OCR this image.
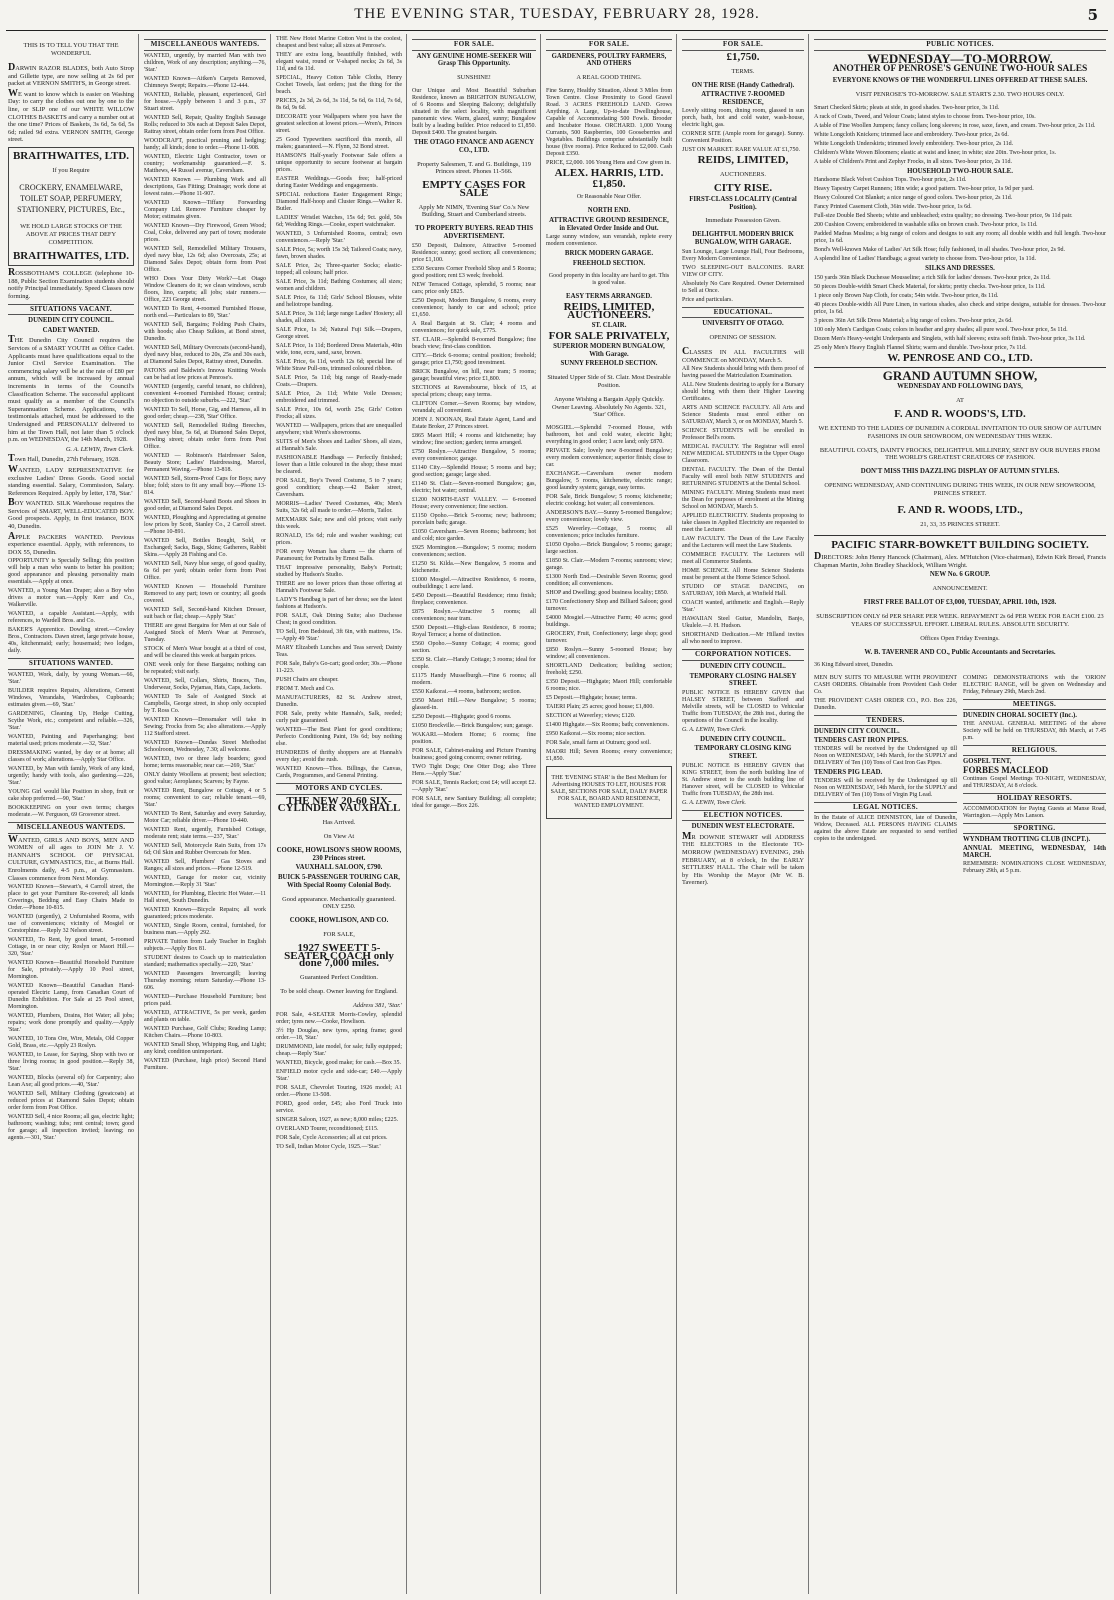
THE EVENING STAR, TUESDAY, FEBRUARY 28, 1928.	5

THIS IS TO TELL YOU THAT THE WONDERFUL

DARWIN RAZOR BLADES, both Auto Strop and Gillette type, are now selling at 2s 6d per packet at VERNON SMITH'S, in George street.

WE want to know which is easier on Washing Day: to carry the clothes out one by one to the line, or SLIP one of our WHITE WILLOW CLOTHES BASKETS and carry a number out at the one time? Prices of Baskets, 3s 6d, 5s 6d, 5s 6d; railed 9d extra. VERNON SMITH, George street.

BRAITHWAITES, LTD.

If you Require

CROCKERY, ENAMELWARE, TOILET SOAP, PERFUMERY, STATIONERY, PICTURES, Etc.,

WE HOLD LARGE STOCKS OF THE ABOVE AT PRICES THAT DEFY COMPETITION.

BRAITHWAITES, LTD.

ROSSBOTHAM'S COLLEGE (telephone 10-188, Public Section Examination students should notify Principal immediately. Speed Classes now forming.

SITUATIONS VACANT.

DUNEDIN CITY COUNCIL.

CADET WANTED.

THE Dunedin City Council requires the Services of a SMART YOUTH as Office Cadet. Applicants must have qualifications equal to the Junior Civil Service Examination. The commencing salary will be at the rate of £80 per annum, which will be increased by annual increments in terms of the Council's Classification Scheme. The successful applicant must qualify as a member of the Council's Superannuation Scheme. Applications, with testimonials attached, must be addressed to the Undersigned and PERSONALLY delivered to him at the Town Hall, not later than 5 o'clock p.m. on WEDNESDAY, the 14th March, 1928.

G. A. LEWIN, Town Clerk.

Town Hall, Dunedin, 27th February, 1928.

WANTED, LADY REPRESENTATIVE for exclusive Ladies' Dress Goods. Good social standing essential. Salary, Commission, Salary. References Required. Apply by letter, 178, 'Star.'

BOY WANTED. SILK Warehouse requires the Services of SMART, WELL-EDUCATED BOY. Good prospects. Apply, in first instance, BOX 40, Dunedin.

APPLE PACKERS WANTED. Previous experience essential. Apply, with references, to DOX 55, Dunedin.

OPPORTUNITY is Specially Selling; this position will help a man who wants to better his position; good appearance and pleasing personality main essentials.—Apply at once.

WANTED, a Young Man Draper; also a Boy who drives a motor van.—Apply Kerr and Co., Walkerville.

WANTED, a capable Assistant.—Apply, with references, to Wardell Bros. and Co.

BAKER'S Apprentice. Dowling street.—Cowley Bros., Contractors. Dawn street, large private house, 40s, kitchenmaid; early; housemaid; two lodges, daily.

SITUATIONS WANTED.

WANTED, Work, daily, by young Woman.—66, 'Star.'

BUILDER requires Repairs, Alterations, Cement Windows, Verandahs, Wardrobes, Cupboards; estimates given.—69, 'Star.'

GARDENING, Cleaning Up, Hedge Cutting, Scythe Work, etc.; competent and reliable.—326, 'Star.'

WANTED, Painting and Paperhanging; best material used; prices moderate.—32, 'Star.'

DRESSMAKING wanted, by day or at home; all classes of work; alterations.—Apply Star Office.

WANTED, by Man with family, Work of any kind, urgently; handy with tools, also gardening.—226, 'Star.'

YOUNG Girl would like Position in shop, fruit or cake shop preferred.—90, 'Star.'

BOOKKEEPING on your own terms; charges moderate.—W. Ferguson, 69 Grosvenor street.

MISCELLANEOUS WANTEDS.

WANTED, GIRLS AND BOYS, MEN AND WOMEN of all ages to JOIN Mr J. V. HANNAH'S SCHOOL OF PHYSICAL CULTURE, GYMNASTICS, Etc., at Burns Hall. Enrolments daily, 4-5 p.m., at Gymnasium. Classes commence from Next Monday.

WANTED Known—Stewart's, 4 Carroll street, the place to get your Furniture Re-covered; all kinds Coverings, Bedding and Easy Chairs Made to Order.—Phone 10-815.

WANTED (urgently), 2 Unfurnished Rooms, with use of conveniences; vicinity of Mosgiel or Corstorphine.—Reply 32 Nelson street.

WANTED, To Rent, by good tenant, 5-roomed Cottage, in or near city; Roslyn or Maori Hill.—320, 'Star.'

WANTED Known—Beautiful Horsehold Furniture for Sale, privately.—Apply 10 Pool street, Mornington.

WANTED Known—Beautiful Canadian Hand-operated Electric Lamp, from Canadian Court of Dunedin Exhibition. For Sale at 25 Pool street, Mornington.

WANTED, Plumbers, Drains, Hot Water; all jobs; repairs; work done promptly and quality.—Apply 'Star.'

WANTED, 10 Tons Ore, Wire, Metals, Old Copper Gold, Brass, etc.—Apply 23 Roslyn.

WANTED, to Lease, for Saying, Shop with two or three living rooms; in good position.—Reply 38, 'Star.'

WANTED, Blocks (several of) for Carpentry; also Lean Axe; all good prices.—40, 'Star.'

WANTED Sell, Military Clothing (greatcoats) at reduced prices at Diamond Sales Depot; obtain order form from Post Office.

WANTED Sell, 4 nice Rooms; all gas, electric light; bathroom; washing; tubs; rent central; town; good for garage; all inspection invited; leaving; no agents.—301, 'Star.'

MISCELLANEOUS WANTEDS.

WANTED, urgently, by married Man with two children, Work of any description; anything.—76, 'Star.'

WANTED Known—Aitken's Carpets Removed, Chimneys Swept; Repairs.—Phone 12-444.

WANTED, Reliable, pleasant, experienced, Girl for house.—Apply between 1 and 3 p.m., 37 Stuart street.

WANTED Sell, Repair, Quality English Sausage Rolls; reduced to 30s each at Deposit Sales Depot, Rattray street, obtain order form from Post Office.

WOODCRAFT, practical pruning and hedging; handy; all kinds; done to order.—Phone 11-908.

WANTED, Electric Light Contractor, town or country; workmanship guaranteed.—F. S. Matthews, 44 Russel avenue, Caversham.

WANTED Known — Plumbing Work and all descriptions, Gas Fitting; Drainage; work done at lowest rates.—Phone 11-907.

WANTED Known—Tiffany Forwarding Company Ltd. Remove Furniture cheaper by Motor; estimates given.

WANTED Known—Dry Firewood, Green Wood; Coal, Coke, delivered any part of town; moderate prices.

WANTED Sell, Remodelled Military Trousers, dyed navy blue, 12s 6d; also Overcoats, 25s; at Diamond Sales Depot; obtain form from Post Office.

WHO Does Your Dirty Work?—Let Otago Window Cleaners do it; we clean windows, scrub floors, lino, carpets; all jobs; stair runners.—Office, 223 George street.

WANTED To Rent, 4-roomed Furnished House, north end.—Particulars to 89, 'Star.'

WANTED Sell, Bargains; Folding Push Chairs, with hoods; also Cheap Sulkies, at Bond street, Dunedin.

WANTED Sell, Military Overcoats (second-hand), dyed navy blue, reduced to 20s, 25s and 30s each, at Diamond Sales Depot, Rattray street, Dunedin.

PATONS and Baldwin's Innova Knitting Wools can be had at low prices at Penrose's.

WANTED (urgently, careful tenant, no children), convenient 4-roomed Furnished House; central; no objection to outside suburbs.—222, 'Star.'

WANTED To Sell, Horse, Gig, and Harness, all in good order; cheap.—238, 'Star' Office.

WANTED Sell, Remodelled Riding Breeches, dyed navy blue, 5s 6d, at Diamond Sales Depot, Dowling street; obtain order form from Post Office.

WANTED — Robinson's Hairdresser Salon, Beauty Store; Ladies' Hairdressing, Marcel, Permanent Waving.—Phone 13-818.

WANTED Sell, Storm-Proof Caps for Boys; navy blue; fold; sizes to fit any small boy.—Phone 13-814.

WANTED Sell, Second-hand Boots and Shoes in good order, at Diamond Sales Depot.

WANTED, Ploughing and Appreciating at genuine low prices by Scott, Stanley Co., 2 Carroll street.—Phone 10-891.

WANTED Sell, Bottles Bought, Sold, or Exchanged; Sacks, Bags, Skins; Gatherers, Rabbit Skins.—Apply 28 Fishing and Co.

WANTED Sell, Navy blue serge, of good quality, 6s 6d per yard; obtain order form from Post Office.

WANTED Known — Household Furniture Removed to any part; town or country; all goods covered.

WANTED Sell, Second-hand Kitchen Dresser, suit bach or flat; cheap.—Apply 'Star.'

THERE are great Bargains for Men at our Sale of Assigned Stock of Men's Wear at Penrose's, Tuesday.

STOCK of Men's Wear bought at a third of cost, and will be cleared this week at bargain prices.

ONE week only for these Bargains; nothing can be repeated; visit early.

WANTED, Sell, Collars, Shirts, Braces, Ties, Underwear, Socks, Pyjamas, Hats, Caps, Jackets.

WANTED To Sale of Assigned Stock at Campbells, George street, in shop only occupied by T. Ross Co.

WANTED Known—Dressmaker will take in Sewing; Frocks from 5s; also alterations.—Apply 112 Stafford street.

WANTED Known—Dundas Street Methodist Schoolroom, Wednesday, 7.30; all welcome.

WANTED, two or three lady boarders; good home; terms reasonable; near car.—269, 'Star.'

ONLY dainty Woollens at present; best selection; good value; Aeroplanes; Scarves; by Fayne.

WANTED Rent, Bungalow or Cottage, 4 or 5 rooms; convenient to car; reliable tenant.—69, 'Star.'

WANTED To Rent, Saturday and every Saturday, Motor Car; reliable driver.—Phone 10-440.

WANTED Rent, urgently, Furnished Cottage, moderate rent; state terms.—237, 'Star.'

WANTED Sell, Motorcycle Rain Suits, from 17s 6d; Oil Skin and Rubber Overcoats for Men.

WANTED Sell, Plumbers' Gas Stoves and Ranges; all sizes and prices.—Phone 12-519.

WANTED, Garage for motor car, vicinity Mornington.—Reply 31 'Star.'

WANTED, for Plumbing, Electric Hot Water.—11 Hall street, South Dunedin.

WANTED Known—Bicycle Repairs; all work guaranteed; prices moderate.

WANTED, Single Room, central, furnished, for business man.—Apply 292.

PRIVATE Tuition from Lady Teacher in English subjects.—Apply Box 81.

STUDENT desires to Coach up to matriculation standard; mathematics specially.—220, 'Star.'

WANTED Passengers Invercargill; leaving Thursday morning; return Saturday.—Phone 13-606.

WANTED—Purchase Household Furniture; best prices paid.

WANTED, ATTRACTIVE, 5s per week, garden and plants on table.

WANTED Purchase, Golf Clubs; Reading Lamp; Kitchen Chairs.—Phone 10-803.

WANTED Small Shop, Whipping Rug, and Light; any kind; condition unimportant.

WANTED (Purchase, high price) Second Hand Furniture.

THE New Hotel Marine Cotton Vest is the coolest, cheapest and best value; all sizes at Penrose's.

THEY are extra long, beautifully finished, with elegant waist, round or V-shaped necks; 2s 6d, 3s 11d, and 6s 11d.

SPECIAL, Heavy Cotton Table Cloths, Henry Cochet Towels, last orders; just the thing for the beach.

PRICES, 2s 3d, 2s 6d, 3s 11d, 5s 6d, 6s 11d, 7s 6d, 8s 6d, 9s 6d.

DECORATE your Wallpapers where you have the greatest selection at lowest prices.—Wren's, Princes street.

25 Good Typewriters sacrificed this month, all makes; guaranteed.—N. Flynn, 32 Bond street.

HAMSON'S Half-yearly Footwear Sale offers a unique opportunity to secure footwear at bargain prices.

EASTER Weddings.—Goods free; half-priced during Easter Weddings and engagements.

SPECIAL reductions Easter Engagement Rings; Diamond Half-hoop and Cluster Rings.—Walter R. Butler.

LADIES' Wristlet Watches, 15s 6d; 9ct. gold, 50s 6d; Wedding Rings.—Cooke, expert watchmaker.

WANTED, 3 Unfurnished Rooms, central; own conveniences.—Reply 'Star.'

SALE Price, 5s; worth 15s 3d; Tailored Coats; navy, fawn, brown shades.

SALE Price, 2s; Three-quarter Socks; elastic-topped; all colours; half price.

SALE Price, 3s 11d; Bathing Costumes; all sizes; women and children.

SALE Price, 6s 11d; Girls' School Blouses, white and heliotrope banding.

SALE Price, 3s 11d; large range Ladies' Hosiery; all shades, all sizes.

SALE Price, 1s 3d; Natural Fuji Silk.—Drapers, George street.

SALE Price, 1s 11d; Bordered Dress Materials, 40in wide, tone, ecru, sand, saxe, brown.

SALE Price, 6s 11d, worth 12s 6d; special line of White Straw Pull-ons, trimmed coloured ribbon.

SALE Price, 5s 11d; big range of Ready-made Coats.—Drapers.

SALE Price, 2s 11d; White Voile Dresses; embroidered and trimmed.

SALE Price, 10s 6d, worth 25s; Girls' Cotton Frocks; all sizes.

WANTED — Wallpapers, prices that are unequalled anywhere; visit Wren's showrooms.

SUITS of Men's Shoes and Ladies' Shoes, all sizes, at Hannah's Sale.

FASHIONABLE Handbags — Perfectly finished; lower than a little coloured in the shop; these must be cleared.

FOR SALE, Boy's Tweed Costume, 5 to 7 years; good condition; cheap.—42 Baker street, Caversham.

MORRIS—Ladies' Tweed Costumes, 40s; Men's Suits, 32s 6d; all made to order.—Morris, Tailor.

MEXMARK Sale; new and old prices; visit early this week.

RONALD, 15s 6d; rule and washer washing; cut prices.

FOR every Woman has charm — the charm of Paramount; for Portraits by Ernest Balls.

THAT impressive personality, Baby's Portrait; studied by Hudson's Studio.

THERE are no lower prices than those offering at Hannah's Footwear Sale.

LADY'S Handbag is part of her dress; see the latest fashions at Hudson's.

FOR SALE, Oak Dining Suite; also Duchesse Chest; in good condition.

TO Sell, Iron Bedstead, 3ft 6in, with mattress, 15s.—Apply 49 'Star.'

MARY Elizabeth Lunches and Teas served; Dainty Teas.

FOR Sale, Baby's Go-cart; good order; 30s.—Phone 11-223.

PUSH Chairs are cheaper.

FROM T. Mech and Co.

MANUFACTURERS, 82 St. Andrew street, Dunedin.

FOR Sale, pretty white Hannah's, Salk, reeded; curly pair guaranteed.

WANTED—The Best Plant for good conditions; Perfecto Conditioning Paint, 19s 6d; buy nothing else.

HUNDREDS of thrifty shoppers are at Hannah's every day; avoid the rush.

WANTED Known—Thos. Billings, the Canvas, Cards, Programmes, and General Printing.

MOTORS AND CYCLES.

THE NEW 20-60 SIX-CYLINDER VAUXHALL

Has Arrived.

On View At

COOKE, HOWLISON'S SHOW ROOMS, 230 Princes street.

VAUXHALL SALOON, £790.

BUICK 5-PASSENGER TOURING CAR, With Special Roomy Colonial Body.

Good appearance. Mechanically guaranteed. ONLY £250.

COOKE, HOWLISON, AND CO.

FOR SALE,

1927 SWEETT 5-SEATER COACH only done 7,000 miles.

Guaranteed Perfect Condition.

To be sold cheap. Owner leaving for England.

Address 381, 'Star.'

FOR Sale, 4-SEATER Morris-Cowley, splendid order; tyres new.—Cooke, Howlison.

3½ Hp Douglas, new tyres, spring frame; good order.—18, 'Star.'

DRUMMOND, late model, for sale; fully equipped; cheap.—Reply 'Star.'

WANTED, Bicycle, good make; for cash.—Box 35.

ENFIELD motor cycle and side-car; £40.—Apply 'Star.'

FOR SALE, Chevrolet Touring, 1926 model; A1 order.—Phone 13-508.

FORD, good order, £45; also Ford Truck into service.

SINGER Saloon, 1927, as new; 8,000 miles; £225.

OVERLAND Tourer, reconditioned; £115.

FOR Sale, Cycle Accessories; all at cut prices.

TO Sell, Indian Motor Cycle, 1925.—'Star.'

FOR SALE.

ANY GENUINE HOME-SEEKER Will Grasp This Opportunity.

SUNSHINE!

Our Unique and Most Beautiful Suburban Residence, known as BRIGHTON BUNGALOW, of 6 Rooms and Sleeping Balcony; delightfully situated in the select locality, with magnificent panoramic view. Warm, glazed, sunny; Bungalow built by a leading builder. Price reduced to £1,850. Deposit £400. The greatest bargain.

THE OTAGO FINANCE AND AGENCY CO., LTD.

Property Salesmen, T. and G. Buildings, 119 Princes street. Phones 11-566.

EMPTY CASES FOR SALE

Apply Mr NIMN, 'Evening Star' Co.'s New Building, Stuart and Cumberland streets.

TO PROPERTY BUYERS. READ THIS ADVERTISEMENT.

£50 Deposit, Dalmore, Attractive 5-roomed Residence; sunny; good section; all conveniences; price £1,100.

£350 Secures Corner Freehold Shop and 5 Rooms; good position; rent £3 week; freehold.

NEW Terraced Cottage, splendid, 5 rooms; near cars; price only £825.

£250 Deposit, Modern Bungalow, 6 rooms, every convenience; handy to car and school; price £1,650.

A Real Bargain at St. Clair; 4 rooms and conveniences; for quick sale, £775.

ST. CLAIR.—Splendid 8-roomed Bungalow; fine beach view; first-class condition.

CITY.—Brick 6-rooms; central position; freehold; garage; price £1,750; good investment.

BRICK Bungalow, on hill, near tram; 5 rooms; garage; beautiful view; price £1,800.

SECTIONS at Ravensbourne, block of 15, at special prices; cheap; easy terms.

CLIFTON Corner.—Seven Rooms; bay window, verandah; all convenient.

JOHN J. NOONAN, Real Estate Agent, Land and Estate Broker, 27 Princes street.

£865 Maori Hill; 4 rooms and kitchenette; bay window; fine section; garden; terms arranged.

£750 Roslyn.—Attractive Bungalow, 5 rooms; every convenience; garage.

£1140 City.—Splendid House; 5 rooms and bay; good section; garage; large shed.

£1140 St. Clair.—Seven-roomed Bungalow; gas, electric; hot water; central.

£1200 NORTH-EAST VALLEY. — 6-roomed House; every convenience; fine section.

£1150 Opoho.—Brick 5-rooms; new; bathroom; porcelain bath; garage.

£1050 Caversham.—Seven Rooms; bathroom; hot and cold; nice garden.

£925 Mornington.—Bungalow; 5 rooms; modern conveniences; section.

£1250 St. Kilda.—New Bungalow, 5 rooms and kitchenette.

£1000 Mosgiel.—Attractive Residence, 6 rooms, outbuildings; 1 acre land.

£450 Deposit.—Beautiful Residence; rimu finish; fireplace; convenience.

£875 Roslyn.—Attractive 5 rooms; all conveniences; near tram.

£500 Deposit.—High-class Residence, 8 rooms; Royal Terrace; a home of distinction.

£560 Opoho.—Sunny Cottage; 4 rooms; good section.

£350 St. Clair.—Handy Cottage; 3 rooms; ideal for couple.

£1175 Handy Musselburgh.—Fine 6 rooms; all modern.

£550 Kaikorai.—4 rooms, bathroom; section.

£950 Maori Hill.—New Bungalow; 5 rooms; glassed-in.

£250 Deposit.—Highgate; good 6 rooms.

£1050 Brockville.—Brick Bungalow; sun; garage.

WAKARI.—Modern Home; 6 rooms; fine position.

FOR SALE, Cabinet-making and Picture Framing business; good going concern; owner retiring.

TWO Tight Dogs; One Otter Dog; also Three Hens.—Apply 'Star.'

FOR SALE, Tennis Racket; cost £4; will accept £2.—Apply 'Star.'

FOR SALE, new Sanitary Building; all complete; ideal for garage.—Box 226.

FOR SALE.

GARDENERS, POULTRY FARMERS, AND OTHERS

A REAL GOOD THING.

Fine Sunny, Healthy Situation, About 3 Miles from Town Centre. Close Proximity to Good Gravel Road. 3 ACRES FREEHOLD LAND. Grows Anything. A Large, Up-to-date Dwellinghouse, Capable of Accommodating 500 Fowls. Brooder and Incubator House. ORCHARD. 1,000 Young Currants, 500 Raspberries, 100 Gooseberries and Vegetables. Buildings comprise substantially built house (five rooms). Price Reduced to £2,000. Cash Deposit £350.

PRICE, £2,000. 106 Young Hens and Cow given in.

ALEX. HARRIS, LTD.

£1,850.

Or Reasonable Near Offer.

NORTH END.

ATTRACTIVE GROUND RESIDENCE, in Elevated Order Inside and Out.

Large sunny window, sun verandah, replete every modern convenience.

BRICK MODERN GARAGE.

FREEHOLD SECTION.

Good property in this locality are hard to get. This is good value.

EASY TERMS ARRANGED.

REIDS, LIMITED, AUCTIONEERS.

ST. CLAIR.

FOR SALE PRIVATELY,

SUPERIOR MODERN BUNGALOW, With Garage.

SUNNY FREEHOLD SECTION.

Situated Upper Side of St. Clair. Most Desirable Position.

Anyone Wishing a Bargain Apply Quickly. Owner Leaving. Absolutely No Agents. 321, 'Star' Office.

MOSGIEL.—Splendid 7-roomed House, with bathroom, hot and cold water, electric light; everything in good order; 1 acre land; only £870.

PRIVATE Sale; lovely new 8-roomed Bungalow; every modern convenience; superior finish; close to car.

EXCHANGE.—Caversham owner modern Bungalow, 5 rooms, kitchenette, electric range; good laundry system; garage, easy terms.

FOR Sale, Brick Bungalow; 5 rooms; kitchenette; electric cooking; hot water; all conveniences.

ANDERSON'S BAY.—Sunny 5-roomed Bungalow; every convenience; lovely view.

£525 Waverley.—Cottage, 5 rooms; all conveniences; price includes furniture.

£1050 Opoho.—Brick Bungalow; 5 rooms; garage; large section.

£1850 St. Clair.—Modern 7-rooms; sunroom; view; garage.

£1300 North End.—Desirable Seven Rooms; good condition; all conveniences.

SHOP and Dwelling; good business locality; £850.

£170 Confectionery Shop and Billiard Saloon; good turnover.

£4000 Mosgiel.—Attractive Farm; 40 acres; good buildings.

GROCERY, Fruit, Confectionery; large shop; good turnover.

£850 Roslyn.—Sunny 5-roomed House; bay window; all conveniences.

SHORTLAND Dedication; building section; freehold; £250.

£350 Deposit.—Highgate; Maori Hill; comfortable 6 rooms; nice.

£5 Deposit.—Highgate; house; terms.

TAIERI Plain; 25 acres; good house; £1,800.

SECTION at Waverley; views; £120.

£1400 Highgate.—Six Rooms; bath; conveniences.

£950 Kaikorai.—Six rooms; nice section.

FOR Sale, small farm at Outram; good soil.

MAORI Hill; Seven Rooms; every convenience; £1,850.

THE 'EVENING STAR' is the Best Medium for Advertising HOUSES TO LET, HOUSES FOR SALE, SECTIONS FOR SALE, DAILY PAPER FOR SALE, BOARD AND RESIDENCE, WANTED EMPLOYMENT.

FOR SALE.

£1,750.

TERMS.

ON THE RISE (Handy Cathedral).

ATTRACTIVE 7-ROOMED RESIDENCE,

Lovely sitting room, dining room, glassed in sun porch, bath, hot and cold water, wash-house, electric light, gas.

CORNER SITE (Ample room for garage). Sunny. Convenient Position.

JUST ON MARKET. RARE VALUE AT £1,750.

REIDS, LIMITED,

AUCTIONEERS.

CITY RISE.

FIRST-CLASS LOCALITY (Central Position).

Immediate Possession Given.

DELIGHTFUL MODERN BRICK BUNGALOW, WITH GARAGE.

Sun Lounge, Large Lounge Hall, Four Bedrooms, Every Modern Convenience.

TWO SLEEPING-OUT BALCONIES. RARE VIEW OF CITY.

Absolutely No Care Required. Owner Determined to Sell at Once.

Price and particulars.

EDUCATIONAL.

UNIVERSITY OF OTAGO.

OPENING OF SESSION.

CLASSES IN ALL FACULTIES will COMMENCE on MONDAY, March 5.

All New Students should bring with them proof of having passed the Matriculation Examination.

ALL New Students desiring to apply for a Bursary should bring with them their Higher Leaving Certificates.

ARTS AND SCIENCE FACULTY. All Arts and Science Students must enrol either on SATURDAY, March 3, or on MONDAY, March 5.

SCIENCE STUDENTS will be enrolled in Professor Bell's room.

MEDICAL FACULTY. The Registrar will enrol NEW MEDICAL STUDENTS in the Upper Otago Classroom.

DENTAL FACULTY. The Dean of the Dental Faculty will enrol both NEW STUDENTS and RETURNING STUDENTS at the Dental School.

MINING FACULTY. Mining Students must meet the Dean for purposes of enrolment at the Mining School on MONDAY, March 5.

APPLIED ELECTRICITY. Students proposing to take classes in Applied Electricity are requested to meet the Lecturer.

LAW FACULTY. The Dean of the Law Faculty and the Lecturers will meet the Law Students.

COMMERCE FACULTY. The Lecturers will meet all Commerce Students.

HOME SCIENCE. All Home Science Students must be present at the Home Science School.

STUDIO OF STAGE DANCING, on SATURDAY, 10th March, at Winfield Hall.

COACH wanted, arithmetic and English.—Reply 'Star.'

HAWAIIAN Steel Guitar, Mandolin, Banjo, Ukulele.—J. H. Hudson.

SHORTHAND Dedication.—Mr Hilland invites all who need to improve.

CORPORATION NOTICES.

DUNEDIN CITY COUNCIL.

TEMPORARY CLOSING HALSEY STREET.

PUBLIC NOTICE IS HEREBY GIVEN that HALSEY STREET, between Stafford and Melville streets, will be CLOSED to Vehicular Traffic from TUESDAY, the 28th inst., during the operations of the Council in the locality.

G. A. LEWIN, Town Clerk.

DUNEDIN CITY COUNCIL.

TEMPORARY CLOSING KING STREET.

PUBLIC NOTICE IS HEREBY GIVEN that KING STREET, from the north building line of St. Andrew street to the south building line of Hanover street, will be CLOSED to Vehicular Traffic from TUESDAY, the 28th inst.

G. A. LEWIN, Town Clerk.

ELECTION NOTICES.

DUNEDIN WEST ELECTORATE.

MR DOWNIE STEWART will ADDRESS THE ELECTORS in the Electorate TO-MORROW (WEDNESDAY) EVENING, 29th FEBRUARY, at 8 o'clock, In the EARLY SETTLERS' HALL. The Chair will be taken by His Worship the Mayor (Mr W. B. Taverner).

PUBLIC NOTICES.

WEDNESDAY—TO-MORROW.

ANOTHER OF PENROSE'S GENUINE TWO-HOUR SALES

EVERYONE KNOWS OF THE WONDERFUL LINES OFFERED AT THESE SALES.

VISIT PENROSE'S TO-MORROW. SALE STARTS 2.30. TWO HOURS ONLY.

Smart Checked Skirts; pleats at side, in good shades. Two-hour price, 3s 11d.

A rack of Coats, Tweed, and Velour Coats; latest styles to choose from. Two-hour price, 10s.

A table of Fine Woollen Jumpers; fancy collars; long sleeves; in rose, saxe, fawn, and cream. Two-hour price, 2s 11d.

White Longcloth Knickers; trimmed lace and embroidery. Two-hour price, 2s 6d.

White Longcloth Underskirts; trimmed lovely embroidery. Two-hour price, 2s 11d.

Children's White Woven Bloomers; elastic at waist and knee; in white; size 20in. Two-hour price, 1s.

A table of Children's Print and Zephyr Frocks, in all sizes. Two-hour price, 2s 11d.

HOUSEHOLD TWO-HOUR SALE.

Handsome Black Velvet Cushion Tops. Two-hour price, 2s 11d.

Heavy Tapestry Carpet Runners; 18in wide; a good pattern. Two-hour price, 1s 9d per yard.

Heavy Coloured Cot Blanket; a nice range of good colors. Two-hour price, 2s 11d.

Fancy Printed Casement Cloth, 36in wide. Two-hour price, 1s 6d.

Full-size Double Bed Sheets; white and unbleached; extra quality; no dressing. Two-hour price, 9s 11d pair.

200 Cushion Covers; embroidered in washable silks on brown crash. Two-hour price, 1s 11d.

Padded Madras Muslins; a big range of colors and designs to suit any room; all double width and full length. Two-hour price, 1s 6d.

Bond's Well-known Make of Ladies' Art Silk Hose; fully fashioned, in all shades. Two-hour price, 2s 9d.

A splendid line of Ladies' Handbags; a great variety to choose from. Two-hour price, 1s 11d.

SILKS AND DRESSES.

150 yards 36in Black Duchesse Mousseline; a rich Silk for ladies' dresses. Two-hour price, 2s 11d.

50 pieces Double-width Smart Check Material, for skirts; pretty checks. Two-hour price, 1s 11d.

1 piece only Brown Nap Cloth, for coats; 54in wide. Two-hour price, 8s 11d.

40 pieces Double-width All Pure Linen, in various shades, also check and stripe designs, suitable for dresses. Two-hour price, 1s 6d.

3 pieces 36in Art Silk Dress Material; a big range of colors. Two-hour price, 2s 6d.

100 only Men's Cardigan Coats; colors in heather and grey shades; all pure wool. Two-hour price, 5s 11d.

Dozen Men's Heavy-weight Underpants and Singlets, with half sleeves; extra soft finish. Two-hour price, 3s 11d.

25 only Men's Heavy English Flannel Shirts; warm and durable. Two-hour price, 7s 11d.

W. PENROSE AND CO., LTD.

GRAND AUTUMN SHOW,

WEDNESDAY AND FOLLOWING DAYS,

AT

F. AND R. WOODS'S, LTD.

WE EXTEND TO THE LADIES OF DUNEDIN A CORDIAL INVITATION TO OUR SHOW OF AUTUMN FASHIONS IN OUR SHOWROOM, ON WEDNESDAY THIS WEEK.

BEAUTIFUL COATS, DAINTY FROCKS, DELIGHTFUL MILLINERY, SENT BY OUR BUYERS FROM THE WORLD'S GREATEST CREATORS OF FASHION.

DON'T MISS THIS DAZZLING DISPLAY OF AUTUMN STYLES.

OPENING WEDNESDAY, AND CONTINUING DURING THIS WEEK, IN OUR NEW SHOWROOM, PRINCES STREET.

F. AND R. WOODS, LTD.,

21, 33, 35 PRINCES STREET.

PACIFIC STARR-BOWKETT BUILDING SOCIETY.

DIRECTORS: John Henry Hancock (Chairman), Alex. M'Hutchon (Vice-chairman), Edwin Kirk Broad, Francis Chapman Martin, John Bradley Shacklock, William Wright.

NEW No. 6 GROUP.

ANNOUNCEMENT.

FIRST FREE BALLOT OF £3,000, TUESDAY, APRIL 10th, 1928.

SUBSCRIPTION ONLY 6d PER SHARE PER WEEK. REPAYMENT 2s 6d PER WEEK FOR EACH £100. 23 YEARS OF SUCCESSFUL EFFORT. LIBERAL RULES. ABSOLUTE SECURITY.

Offices Open Friday Evenings.

W. B. TAVERNER AND CO., Public Accountants and Secretaries.

36 King Edward street, Dunedin.

MEN BUY SUITS TO MEASURE WITH PROVIDENT CASH ORDERS. Obtainable from Provident Cash Order Co.

THE PROVIDENT CASH ORDER CO., P.O. Box 226, Dunedin.

TENDERS.

DUNEDIN CITY COUNCIL.

TENDERS CAST IRON PIPES.

TENDERS will be received by the Undersigned up till Noon on WEDNESDAY, 14th March, for the SUPPLY and DELIVERY of Ten (10) Tons of Cast Iron Gas Pipes.

TENDERS PIG LEAD.

TENDERS will be received by the Undersigned up till Noon on WEDNESDAY, 14th March, for the SUPPLY and DELIVERY of Ten (10) Tons of Virgin Pig Lead.

LEGAL NOTICES.

In the Estate of ALICE DENNISTON, late of Dunedin, Widow, Deceased. ALL PERSONS HAVING CLAIMS against the above Estate are requested to send verified copies to the undersigned.

COMING DEMONSTRATIONS with the 'ORION' ELECTRIC RANGE, will be given on Wednesday and Friday, February 29th, March 2nd.

MEETINGS.

DUNEDIN CHORAL SOCIETY (Inc.).

THE ANNUAL GENERAL MEETING of the above Society will be held on THURSDAY, 8th March, at 7.45 p.m.

RELIGIOUS.

GOSPEL TENT,

FORBES MACLEOD

Continues Gospel Meetings TO-NIGHT, WEDNESDAY, and THURSDAY, At 8 o'clock.

HOLIDAY RESORTS.

ACCOMMODATION for Paying Guests at Manse Road, Warrington.—Apply Mrs Lanson.

SPORTING.

WYNDHAM TROTTING CLUB (INCPT.).

ANNUAL MEETING, WEDNESDAY, 14th MARCH.

REMEMBER: NOMINATIONS CLOSE WEDNESDAY, February 29th, at 5 p.m.
